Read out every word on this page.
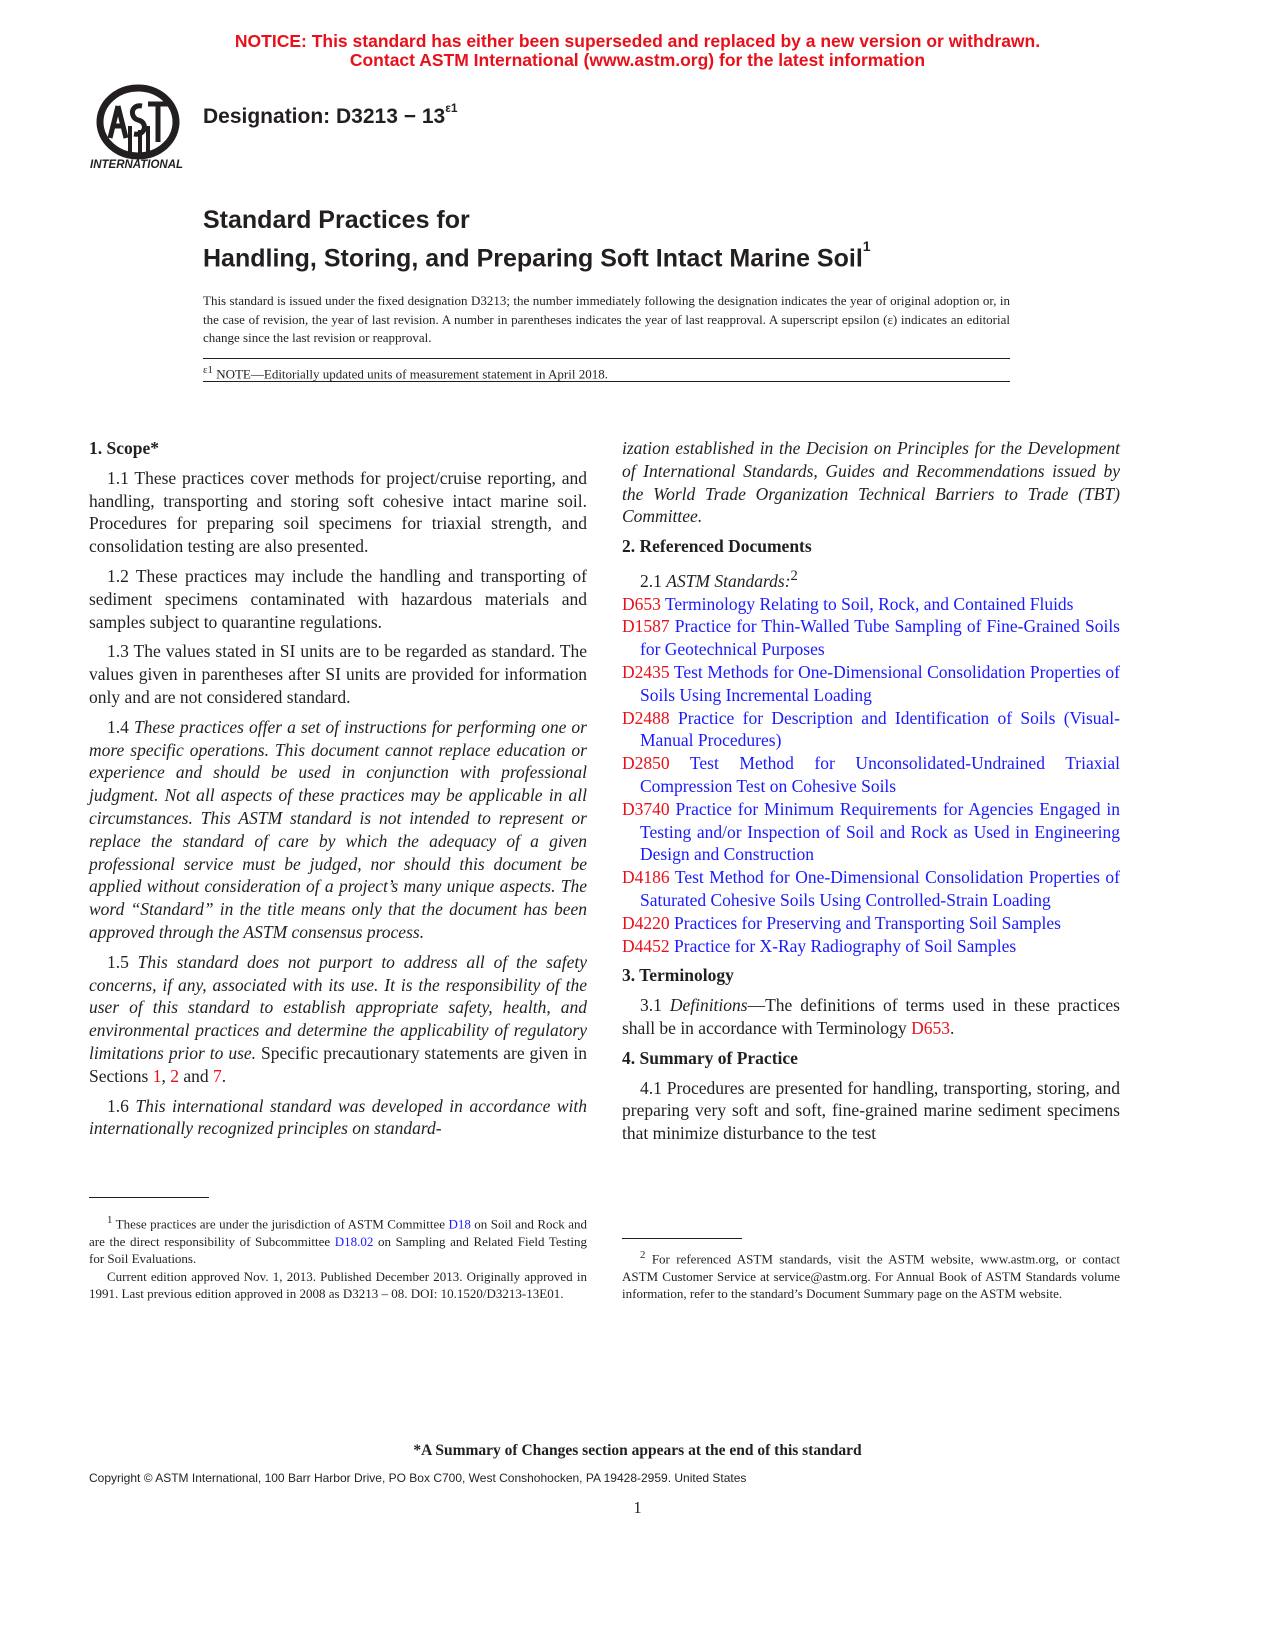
NOTICE: This standard has either been superseded and replaced by a new version or withdrawn.
Contact ASTM International (www.astm.org) for the latest information
INTERNATIONAL
Designation: $D3213 - 13^{\varepsilon 1}$
Standard Practices for
Handling, Storing, and Preparing Soft Intact Marine Soil$^1$
This standard is issued under the fixed designation D3213; the number immediately following the designation indicates the year of original adoption or, in the case of revision, the year of last revision. A number in parentheses indicates the year of last reapproval. A superscript epsilon (ε) indicates an editorial change since the last revision or reapproval.
$^{\varepsilon 1}$ NOTE—Editorially updated units of measurement statement in April 2018.
1. Scope*
1.1 These practices cover methods for project/cruise reporting, and handling, transporting and storing soft cohesive intact marine soil. Procedures for preparing soil specimens for triaxial strength, and consolidation testing are also presented.
1.2 These practices may include the handling and transporting of sediment specimens contaminated with hazardous materials and samples subject to quarantine regulations.
1.3 The values stated in SI units are to be regarded as standard. The values given in parentheses after SI units are provided for information only and are not considered standard.
1.4 These practices offer a set of instructions for performing one or more specific operations. This document cannot replace education or experience and should be used in conjunction with professional judgment. Not all aspects of these practices may be applicable in all circumstances. This ASTM standard is not intended to represent or replace the standard of care by which the adequacy of a given professional service must be judged, nor should this document be applied without consideration of a project’s many unique aspects. The word “Standard” in the title means only that the document has been approved through the ASTM consensus process.
1.5 This standard does not purport to address all of the safety concerns, if any, associated with its use. It is the responsibility of the user of this standard to establish appropriate safety, health, and environmental practices and determine the applicability of regulatory limitations prior to use. Specific precautionary statements are given in Sections 1, 2 and 7.
1.6 This international standard was developed in accordance with internationally recognized principles on standard-

$^1$ These practices are under the jurisdiction of ASTM Committee D18 on Soil and Rock and are the direct responsibility of Subcommittee D18.02 on Sampling and Related Field Testing for Soil Evaluations.

Current edition approved Nov. 1, 2013. Published December 2013. Originally approved in 1991. Last previous edition approved in 2008 as D3213 – 08. DOI: 10.1520/D3213-13E01.

ization established in the Decision on Principles for the Development of International Standards, Guides and Recommendations issued by the World Trade Organization Technical Barriers to Trade (TBT) Committee.
2. Referenced Documents
2.1 ASTM Standards:$^2$
D653 Terminology Relating to Soil, Rock, and Contained Fluids
D1587 Practice for Thin-Walled Tube Sampling of Fine-Grained Soils for Geotechnical Purposes
D2435 Test Methods for One-Dimensional Consolidation Properties of Soils Using Incremental Loading
D2488 Practice for Description and Identification of Soils (Visual-Manual Procedures)
D2850 Test Method for Unconsolidated-Undrained Triaxial Compression Test on Cohesive Soils
D3740 Practice for Minimum Requirements for Agencies Engaged in Testing and/or Inspection of Soil and Rock as Used in Engineering Design and Construction
D4186 Test Method for One-Dimensional Consolidation Properties of Saturated Cohesive Soils Using Controlled-Strain Loading
D4220 Practices for Preserving and Transporting Soil Samples
D4452 Practice for X-Ray Radiography of Soil Samples
3. Terminology
3.1 Definitions—The definitions of terms used in these practices shall be in accordance with Terminology D653.
4. Summary of Practice
4.1 Procedures are presented for handling, transporting, storing, and preparing very soft and soft, fine-grained marine sediment specimens that minimize disturbance to the test

$^2$ For referenced ASTM standards, visit the ASTM website, www.astm.org, or contact ASTM Customer Service at service@astm.org. For Annual Book of ASTM Standards volume information, refer to the standard’s Document Summary page on the ASTM website.

*A Summary of Changes section appears at the end of this standard
Copyright © ASTM International, 100 Barr Harbor Drive, PO Box C700, West Conshohocken, PA 19428-2959. United States
1
